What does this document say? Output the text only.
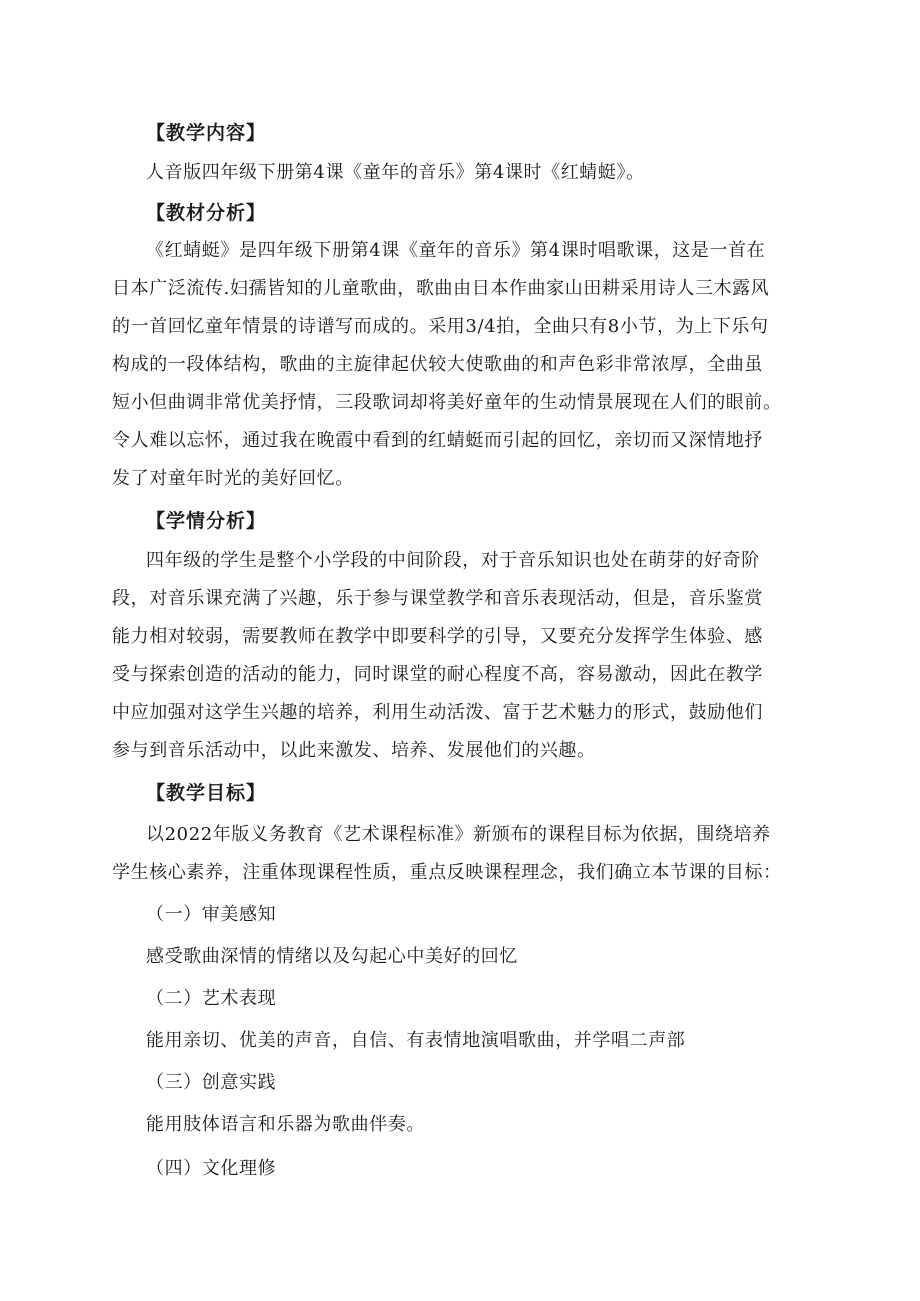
【教学内容】
人音版四年级下册第4课《童年的音乐》第4课时《红蜻蜓》。
【教材分析】
《红蜻蜓》是四年级下册第4课《童年的音乐》第4课时唱歌课，这是一首在
日本广泛流传.妇孺皆知的儿童歌曲，歌曲由日本作曲家山田耕采用诗人三木露风
的一首回忆童年情景的诗谱写而成的。采用3/4拍，全曲只有8小节，为上下乐句
构成的一段体结构，歌曲的主旋律起伏较大使歌曲的和声色彩非常浓厚，全曲虽
短小但曲调非常优美抒情，三段歌词却将美好童年的生动情景展现在人们的眼前。
令人难以忘怀，通过我在晚霞中看到的红蜻蜓而引起的回忆，亲切而又深情地抒
发了对童年时光的美好回忆。
【学情分析】
四年级的学生是整个小学段的中间阶段，对于音乐知识也处在萌芽的好奇阶
段，对音乐课充满了兴趣，乐于参与课堂教学和音乐表现活动，但是，音乐鉴赏
能力相对较弱，需要教师在教学中即要科学的引导，又要充分发挥学生体验、感
受与探索创造的活动的能力，同时课堂的耐心程度不高，容易激动，因此在教学
中应加强对这学生兴趣的培养，利用生动活泼、富于艺术魅力的形式，鼓励他们
参与到音乐活动中，以此来激发、培养、发展他们的兴趣。
【教学目标】
以2022年版义务教育《艺术课程标准》新颁布的课程目标为依据，围绕培养
学生核心素养，注重体现课程性质，重点反映课程理念，我们确立本节课的目标：
（一）审美感知
感受歌曲深情的情绪以及勾起心中美好的回忆
（二）艺术表现
能用亲切、优美的声音，自信、有表情地演唱歌曲，并学唱二声部
（三）创意实践
能用肢体语言和乐器为歌曲伴奏。
（四）文化理修
